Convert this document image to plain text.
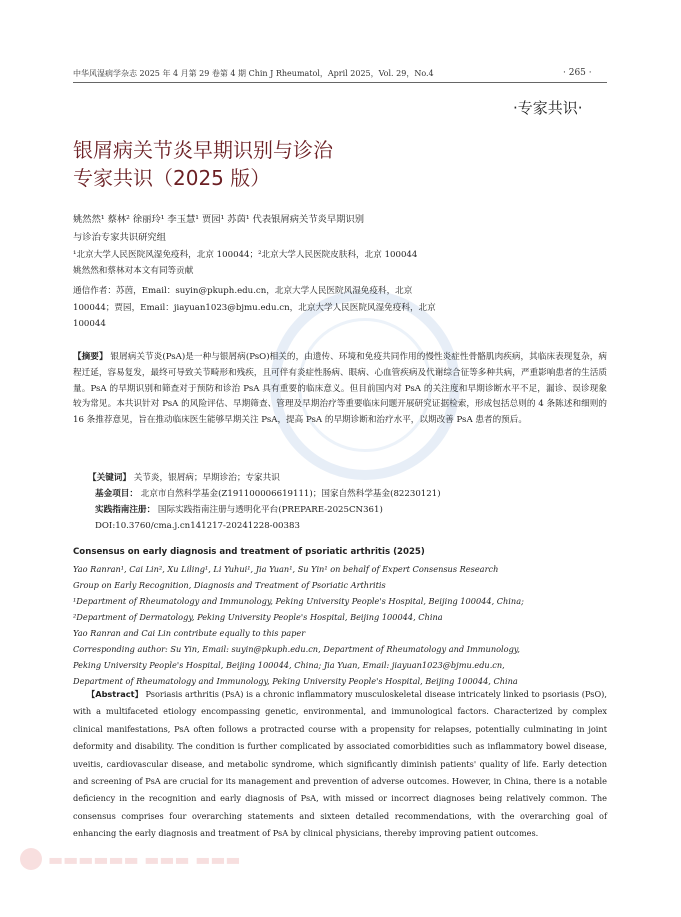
中华风湿病学杂志 2025 年 4 月第 29 卷第 4 期 Chin J Rheumatol，April 2025，Vol. 29，No.4	· 265 ·
·专家共识·
银屑病关节炎早期识别与诊治
专家共识（2025 版）
姚然然¹ 蔡林² 徐丽玲¹ 李玉慧¹ 贾园¹ 苏茵¹ 代表银屑病关节炎早期识别
与诊治专家共识研究组
¹北京大学人民医院风湿免疫科，北京 100044；²北京大学人民医院皮肤科，北京 100044
姚然然和蔡林对本文有同等贡献
通信作者：苏茵，Email：suyin@pkuph.edu.cn，北京大学人民医院风湿免疫科，北京
100044；贾园，Email：jiayuan1023@bjmu.edu.cn，北京大学人民医院风湿免疫科，北京
100044
【摘要】 银屑病关节炎(PsA)是一种与银屑病(PsO)相关的，由遗传、环境和免疫共同作用的慢性炎症性骨骼肌肉疾病，其临床表现复杂，病程迁延，容易复发，最终可导致关节畸形和残疾，且可伴有炎症性肠病、眼病、心血管疾病及代谢综合征等多种共病，严重影响患者的生活质量。PsA 的早期识别和筛查对于预防和诊治 PsA 具有重要的临床意义。但目前国内对 PsA 的关注度和早期诊断水平不足，漏诊、误诊现象较为常见。本共识针对 PsA 的风险评估、早期筛查、管理及早期治疗等重要临床问题开展研究证据检索，形成包括总则的 4 条陈述和细则的 16 条推荐意见，旨在推动临床医生能够早期关注 PsA，提高 PsA 的早期诊断和治疗水平，以期改善 PsA 患者的预后。
【关键词】 关节炎，银屑病；早期诊治；专家共识
基金项目： 北京市自然科学基金(Z191100006619111)；国家自然科学基金(82230121)
实践指南注册： 国际实践指南注册与透明化平台(PREPARE-2025CN361)
DOI:10.3760/cma.j.cn141217-20241228-00383
Consensus on early diagnosis and treatment of psoriatic arthritis (2025)
Yao Ranran¹, Cai Lin², Xu Liling¹, Li Yuhui¹, Jia Yuan¹, Su Yin¹ on behalf of Expert Consensus Research
Group on Early Recognition, Diagnosis and Treatment of Psoriatic Arthritis
¹Department of Rheumatology and Immunology, Peking University People's Hospital, Beijing 100044, China;
²Department of Dermatology, Peking University People's Hospital, Beijing 100044, China
Yao Ranran and Cai Lin contribute equally to this paper
Corresponding author: Su Yin, Email: suyin@pkuph.edu.cn, Department of Rheumatology and Immunology,
Peking University People's Hospital, Beijing 100044, China; Jia Yuan, Email: jiayuan1023@bjmu.edu.cn,
Department of Rheumatology and Immunology, Peking University People's Hospital, Beijing 100044, China
【Abstract】 Psoriasis arthritis (PsA) is a chronic inflammatory musculoskeletal disease intricately linked to psoriasis (PsO), with a multifaceted etiology encompassing genetic, environmental, and immunological factors. Characterized by complex clinical manifestations, PsA often follows a protracted course with a propensity for relapses, potentially culminating in joint deformity and disability. The condition is further complicated by associated comorbidities such as inflammatory bowel disease, uveitis, cardiovascular disease, and metabolic syndrome, which significantly diminish patients' quality of life. Early detection and screening of PsA are crucial for its management and prevention of adverse outcomes. However, in China, there is a notable deficiency in the recognition and early diagnosis of PsA, with missed or incorrect diagnoses being relatively common. The consensus comprises four overarching statements and sixteen detailed recommendations, with the overarching goal of enhancing the early diagnosis and treatment of PsA by clinical physicians, thereby improving patient outcomes.
▬▬▬▬▬▬ ▬▬▬ ▬▬▬
